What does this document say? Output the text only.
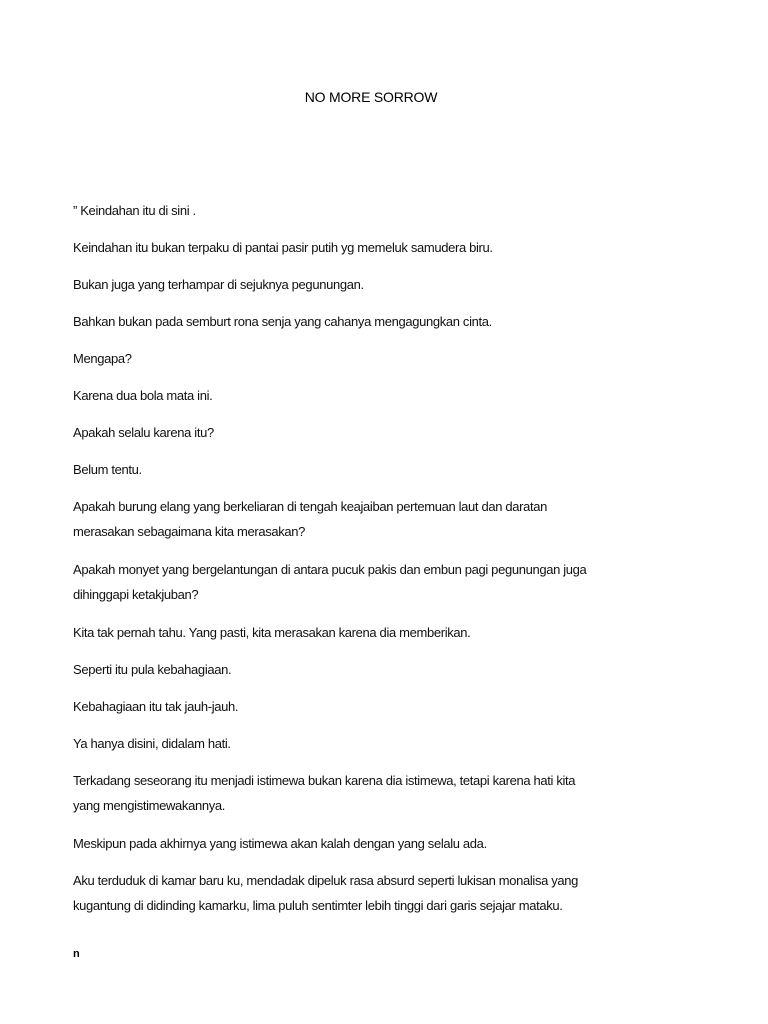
NO MORE SORROW

” Keindahan itu di sini .

Keindahan itu bukan terpaku di pantai pasir putih yg memeluk samudera biru.

Bukan juga yang terhampar di sejuknya pegunungan.

Bahkan bukan pada semburt rona senja yang cahanya mengagungkan cinta.

Mengapa?

Karena dua bola mata ini.

Apakah selalu karena itu?

Belum tentu.

Apakah burung elang yang berkeliaran di tengah keajaiban pertemuan laut dan daratan
merasakan sebagaimana kita merasakan?

Apakah monyet yang bergelantungan di antara pucuk pakis dan embun pagi pegunungan juga
dihinggapi ketakjuban?

Kita tak pernah tahu. Yang pasti, kita merasakan karena dia memberikan.

Seperti itu pula kebahagiaan.

Kebahagiaan itu tak jauh-jauh.

Ya hanya disini, didalam hati.

Terkadang seseorang itu menjadi istimewa bukan karena dia istimewa, tetapi karena hati kita
yang mengistimewakannya.

Meskipun pada akhirnya yang istimewa akan kalah dengan yang selalu ada.

Aku terduduk di kamar baru ku, mendadak dipeluk rasa absurd seperti lukisan monalisa yang
kugantung di didinding kamarku, lima puluh sentimter lebih tinggi dari garis sejajar mataku.

n
